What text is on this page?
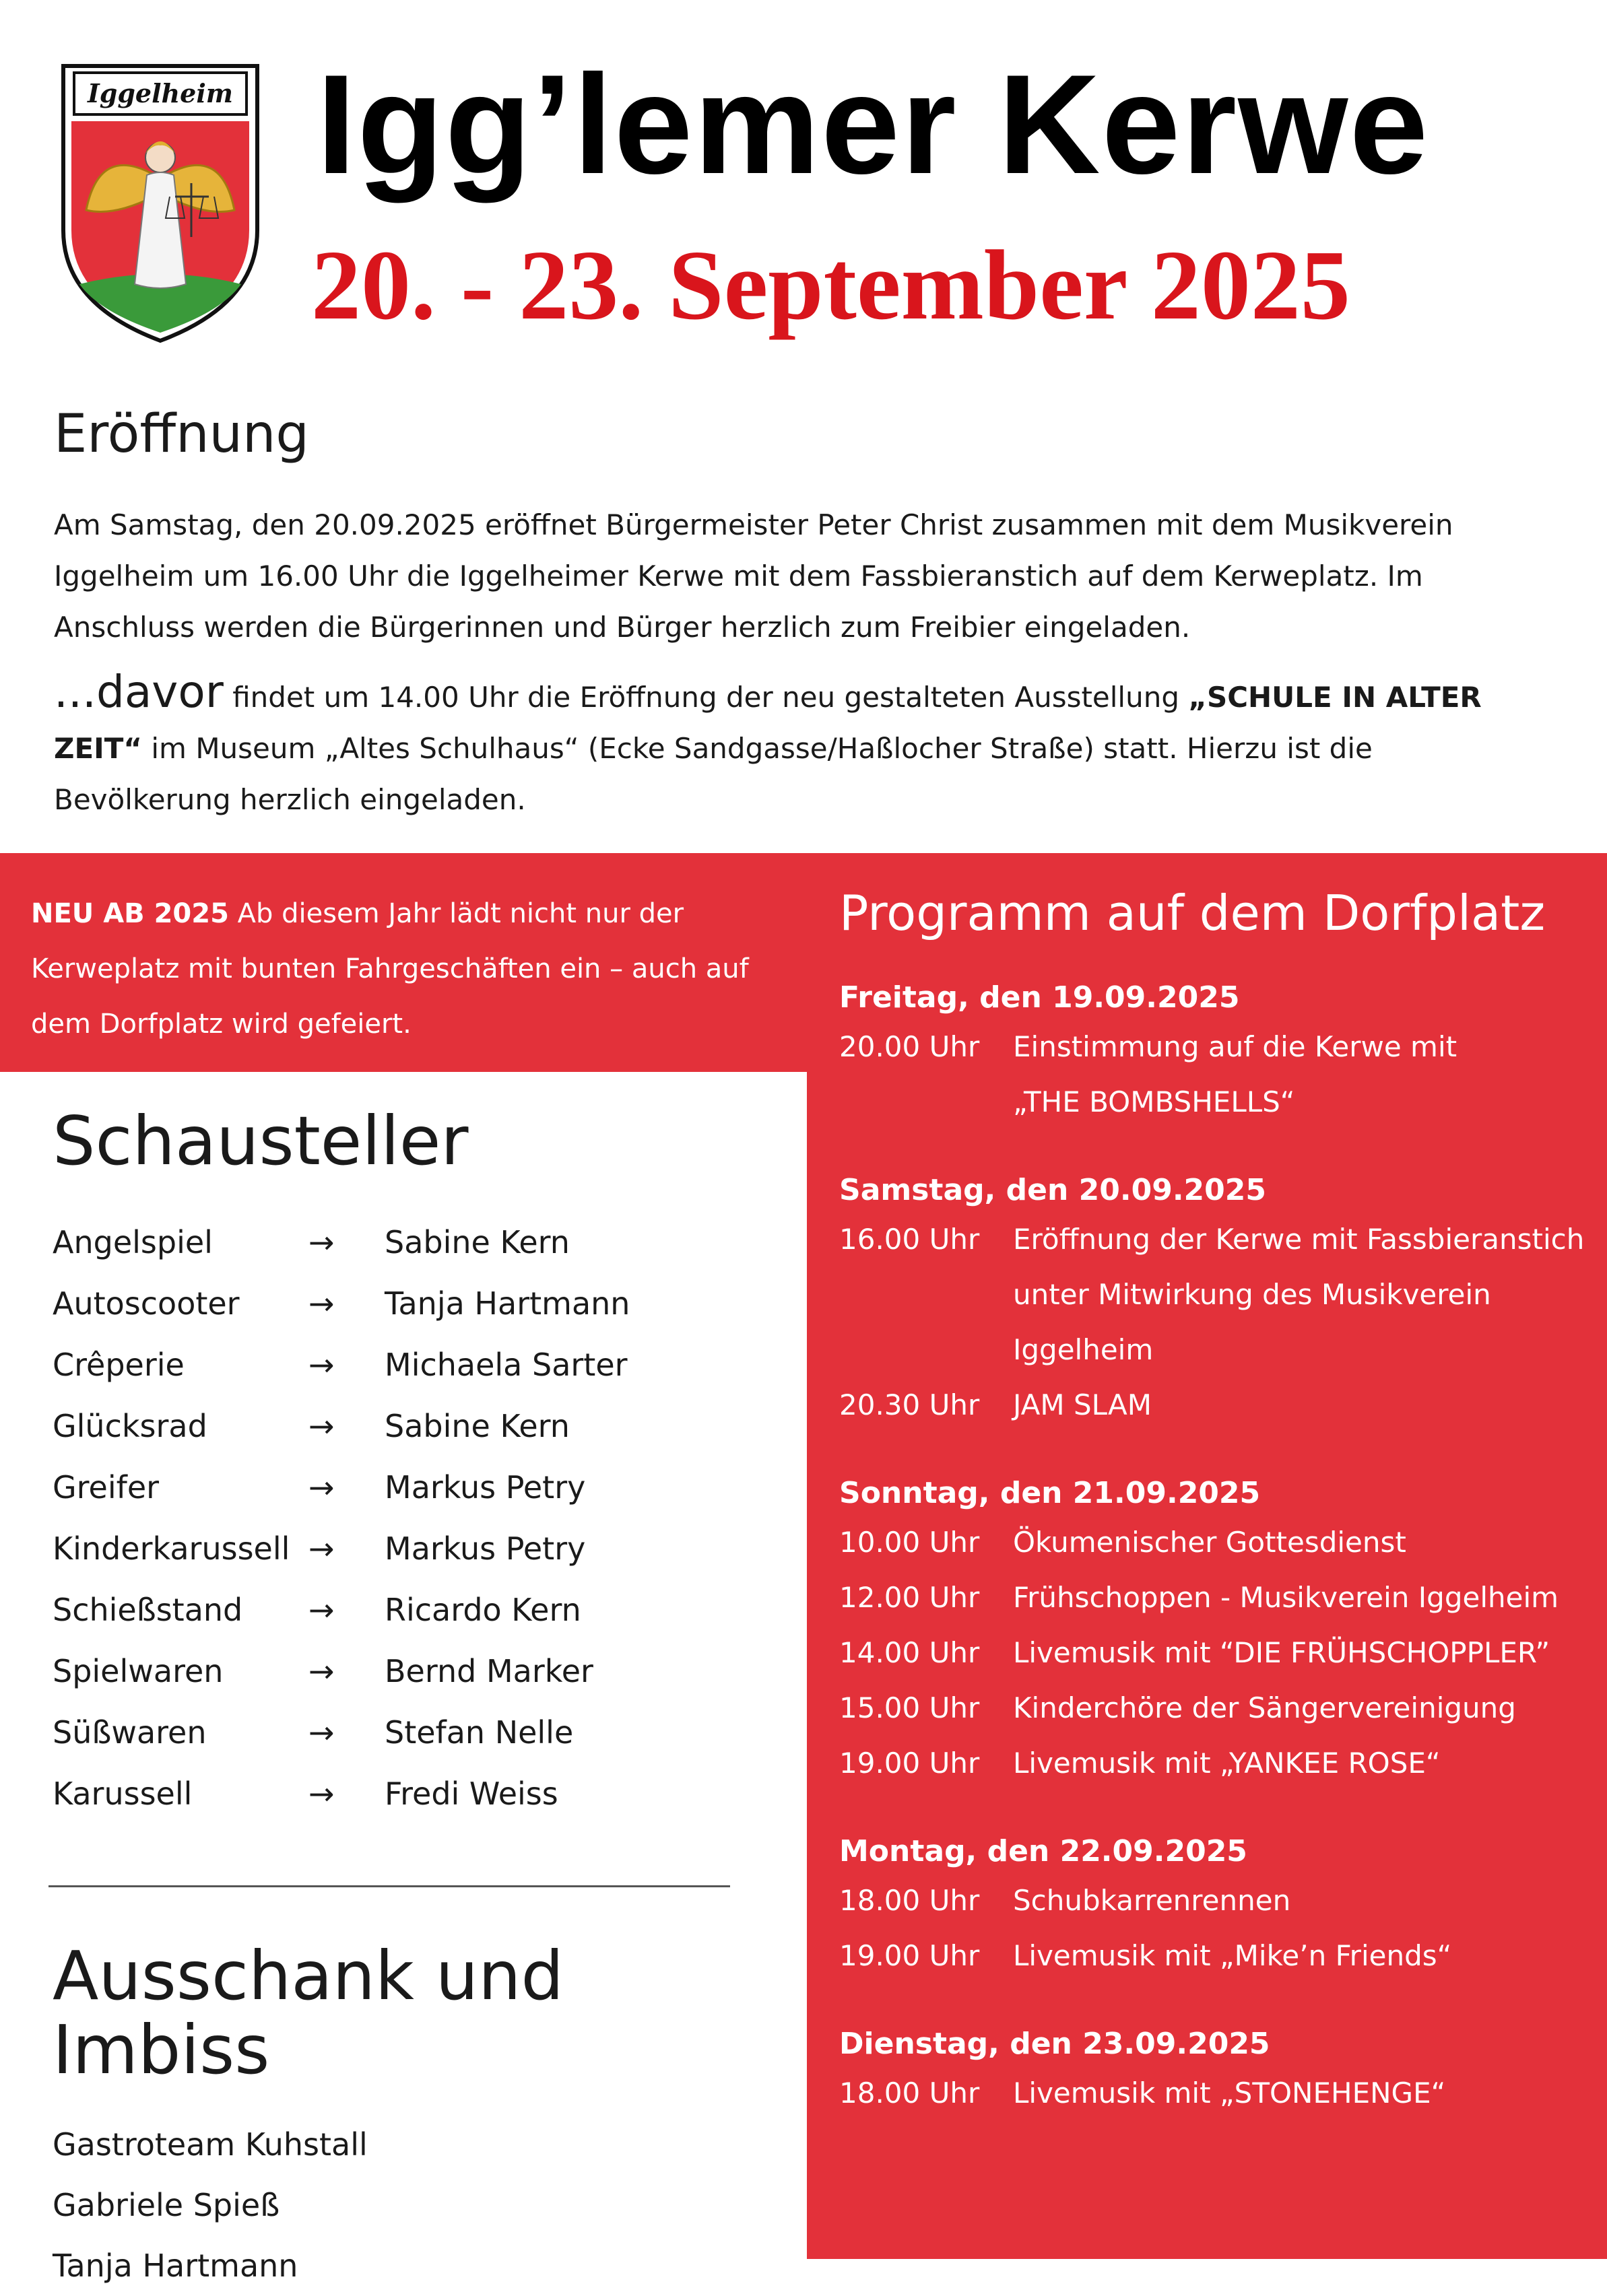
Iggelheim Igg’lemer Kerwe
20. - 23. September 2025
Eröffnung

Am Samstag, den 20.09.2025 eröffnet Bürgermeister Peter Christ zusammen mit dem Musikverein Iggelheim um 16.00 Uhr die Iggelheimer Kerwe mit dem Fassbieranstich auf dem Kerweplatz. Im Anschluss werden die Bürgerinnen und Bürger herzlich zum Freibier eingeladen.

...davor findet um 14.00 Uhr die Eröffnung der neu gestalteten Ausstellung „SCHULE IN ALTER ZEIT“ im Museum „Altes Schulhaus“ (Ecke Sandgasse/Haßlocher Straße) statt. Hierzu ist die Bevölkerung herzlich eingeladen.

NEU AB 2025 Ab diesem Jahr lädt nicht nur der Kerweplatz mit bunten Fahrgeschäften ein – auch auf dem Dorfplatz wird gefeiert.
Programm auf dem Dorfplatz
Freitag, den 19.09.2025
20.00 Uhr	Einstimmung auf die Kerwe mit
„THE BOMBSHELLS“
Samstag, den 20.09.2025
16.00 Uhr	Eröffnung der Kerwe mit Fassbieranstich
unter Mitwirkung des Musikverein Iggelheim
20.30 Uhr	JAM SLAM
Sonntag, den 21.09.2025
10.00 Uhr	Ökumenischer Gottesdienst
12.00 Uhr	Frühschoppen - Musikverein Iggelheim
14.00 Uhr	Livemusik mit “DIE FRÜHSCHOPPLER”
15.00 Uhr	Kinderchöre der Sängervereinigung
19.00 Uhr	Livemusik mit „YANKEE ROSE“
Montag, den 22.09.2025
18.00 Uhr	Schubkarrenrennen
19.00 Uhr	Livemusik mit „Mike’n Friends“
Dienstag, den 23.09.2025
18.00 Uhr	Livemusik mit „STONEHENGE“
Schausteller
Angelspiel	→	Sabine Kern
Autoscooter	→	Tanja Hartmann
Crêperie	→	Michaela Sarter
Glücksrad	→	Sabine Kern
Greifer	→	Markus Petry
Kinderkarussell →	Markus Petry
Schießstand	→	Ricardo Kern
Spielwaren	→	Bernd Marker
Süßwaren	→	Stefan Nelle
Karussell	→	Fredi Weiss
Ausschank und Imbiss
Gastroteam Kuhstall
Gabriele Spieß
Tanja Hartmann
